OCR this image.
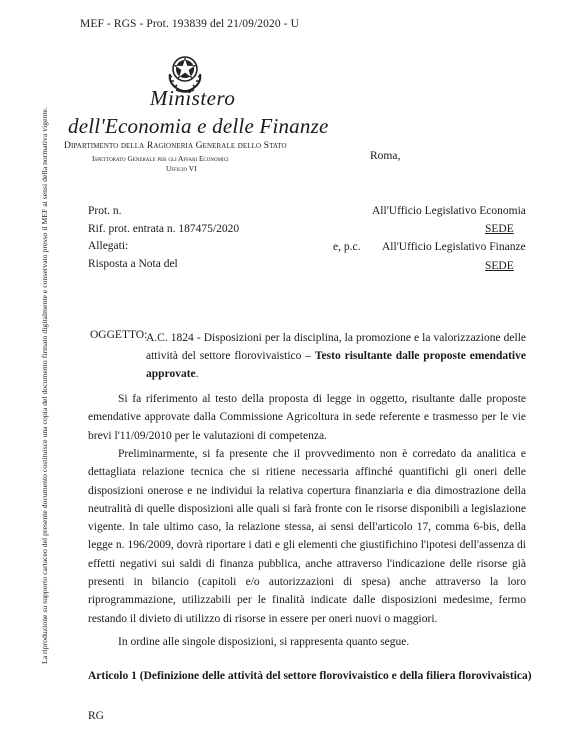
MEF - RGS - Prot. 193839 del 21/09/2020 - U
La riproduzione su supporto cartaceo del presente documento costituisce una copia del documento firmato digitalmente e conservato presso il MEF ai sensi della normativa vigente.
Ministero
dell'Economia e delle Finanze
Dipartimento della Ragioneria Generale dello Stato
Ispettorato Generale per gli Affari Economici
Ufficio VI
Roma,
Prot. n.
Rif. prot. entrata n. 187475/2020
Allegati:
Risposta a Nota del
All'Ufficio Legislativo Economia
SEDE
e, p.c. All'Ufficio Legislativo Finanze
SEDE
OGGETTO:
A.C. 1824 - Disposizioni per la disciplina, la promozione e la valorizzazione delle attività del settore florovivaistico – Testo risultante dalle proposte emendative approvate.

Si fa riferimento al testo della proposta di legge in oggetto, risultante dalle proposte emendative approvate dalla Commissione Agricoltura in sede referente e trasmesso per le vie brevi l'11/09/2010 per le valutazioni di competenza.

Preliminarmente, si fa presente che il provvedimento non è corredato da analitica e dettagliata relazione tecnica che si ritiene necessaria affinché quantifichi gli oneri delle disposizioni onerose e ne individui la relativa copertura finanziaria e dia dimostrazione della neutralità di quelle disposizioni alle quali si farà fronte con le risorse disponibili a legislazione vigente. In tale ultimo caso, la relazione stessa, ai sensi dell'articolo 17, comma 6-bis, della legge n. 196/2009, dovrà riportare i dati e gli elementi che giustifichino l'ipotesi dell'assenza di effetti negativi sui saldi di finanza pubblica, anche attraverso l'indicazione delle risorse già presenti in bilancio (capitoli e/o autorizzazioni di spesa) anche attraverso la loro riprogrammazione, utilizzabili per le finalità indicate dalle disposizioni medesime, fermo restando il divieto di utilizzo di risorse in essere per oneri nuovi o maggiori.

In ordine alle singole disposizioni, si rappresenta quanto segue.

Articolo 1 (Definizione delle attività del settore florovivaistico e della filiera florovivaistica)
RG
